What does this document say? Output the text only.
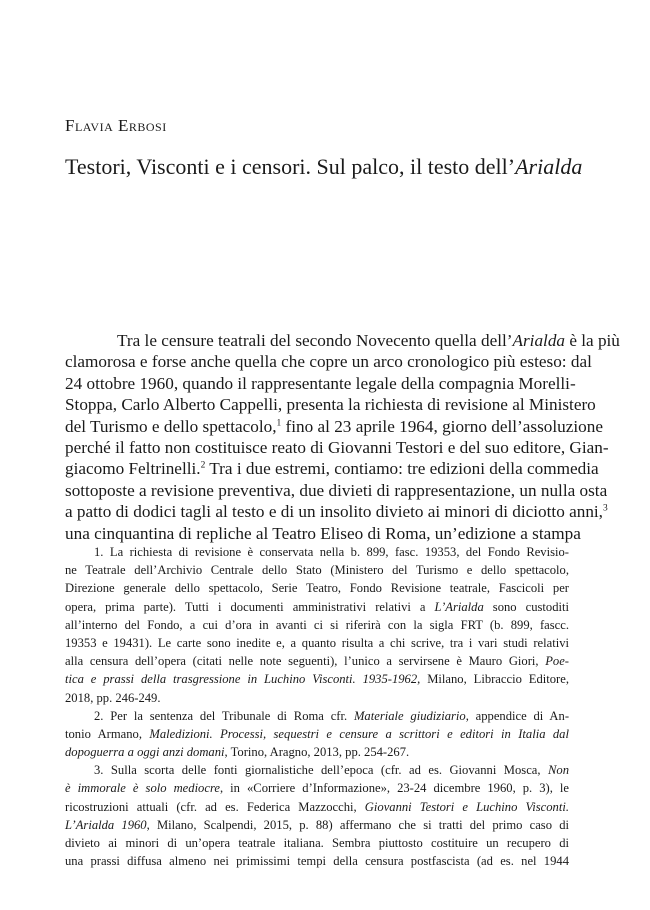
Flavia Erbosi
Testori, Visconti e i censori. Sul palco, il testo dell’Arialda
Tra le censure teatrali del secondo Novecento quella dell’Arialda è la più
clamorosa e forse anche quella che copre un arco cronologico più esteso: dal
24 ottobre 1960, quando il rappresentante legale della compagnia Morelli-
Stoppa, Carlo Alberto Cappelli, presenta la richiesta di revisione al Ministero
del Turismo e dello spettacolo,$^1$ fino al 23 aprile 1964, giorno dell’assoluzione
perché il fatto non costituisce reato di Giovanni Testori e del suo editore, Gian-
giacomo Feltrinelli.$^2$ Tra i due estremi, contiamo: tre edizioni della commedia
sottoposte a revisione preventiva, due divieti di rappresentazione, un nulla osta
a patto di dodici tagli al testo e di un insolito divieto ai minori di diciotto anni,$^3$
una cinquantina di repliche al Teatro Eliseo di Roma, un’edizione a stampa
1. La richiesta di revisione è conservata nella b. 899, fasc. 19353, del Fondo Revisio-
ne Teatrale dell’Archivio Centrale dello Stato (Ministero del Turismo e dello spettacolo,
Direzione generale dello spettacolo, Serie Teatro, Fondo Revisione teatrale, Fascicoli per
opera, prima parte). Tutti i documenti amministrativi relativi a L’Arialda sono custoditi
all’interno del Fondo, a cui d’ora in avanti ci si riferirà con la sigla FRT (b. 899, fascc.
19353 e 19431). Le carte sono inedite e, a quanto risulta a chi scrive, tra i vari studi relativi
alla censura dell’opera (citati nelle note seguenti), l’unico a servirsene è Mauro Giori, Poe-
tica e prassi della trasgressione in Luchino Visconti. 1935-1962, Milano, Libraccio Editore,
2018, pp. 246-249.
2. Per la sentenza del Tribunale di Roma cfr. Materiale giudiziario, appendice di An-
tonio Armano, Maledizioni. Processi, sequestri e censure a scrittori e editori in Italia dal
dopoguerra a oggi anzi domani, Torino, Aragno, 2013, pp. 254-267.
3. Sulla scorta delle fonti giornalistiche dell’epoca (cfr. ad es. Giovanni Mosca, Non
è immorale è solo mediocre, in «Corriere d’Informazione», 23-24 dicembre 1960, p. 3), le
ricostruzioni attuali (cfr. ad es. Federica Mazzocchi, Giovanni Testori e Luchino Visconti.
L’Arialda 1960, Milano, Scalpendi, 2015, p. 88) affermano che si tratti del primo caso di
divieto ai minori di un’opera teatrale italiana. Sembra piuttosto costituire un recupero di
una prassi diffusa almeno nei primissimi tempi della censura postfascista (ad es. nel 1944
